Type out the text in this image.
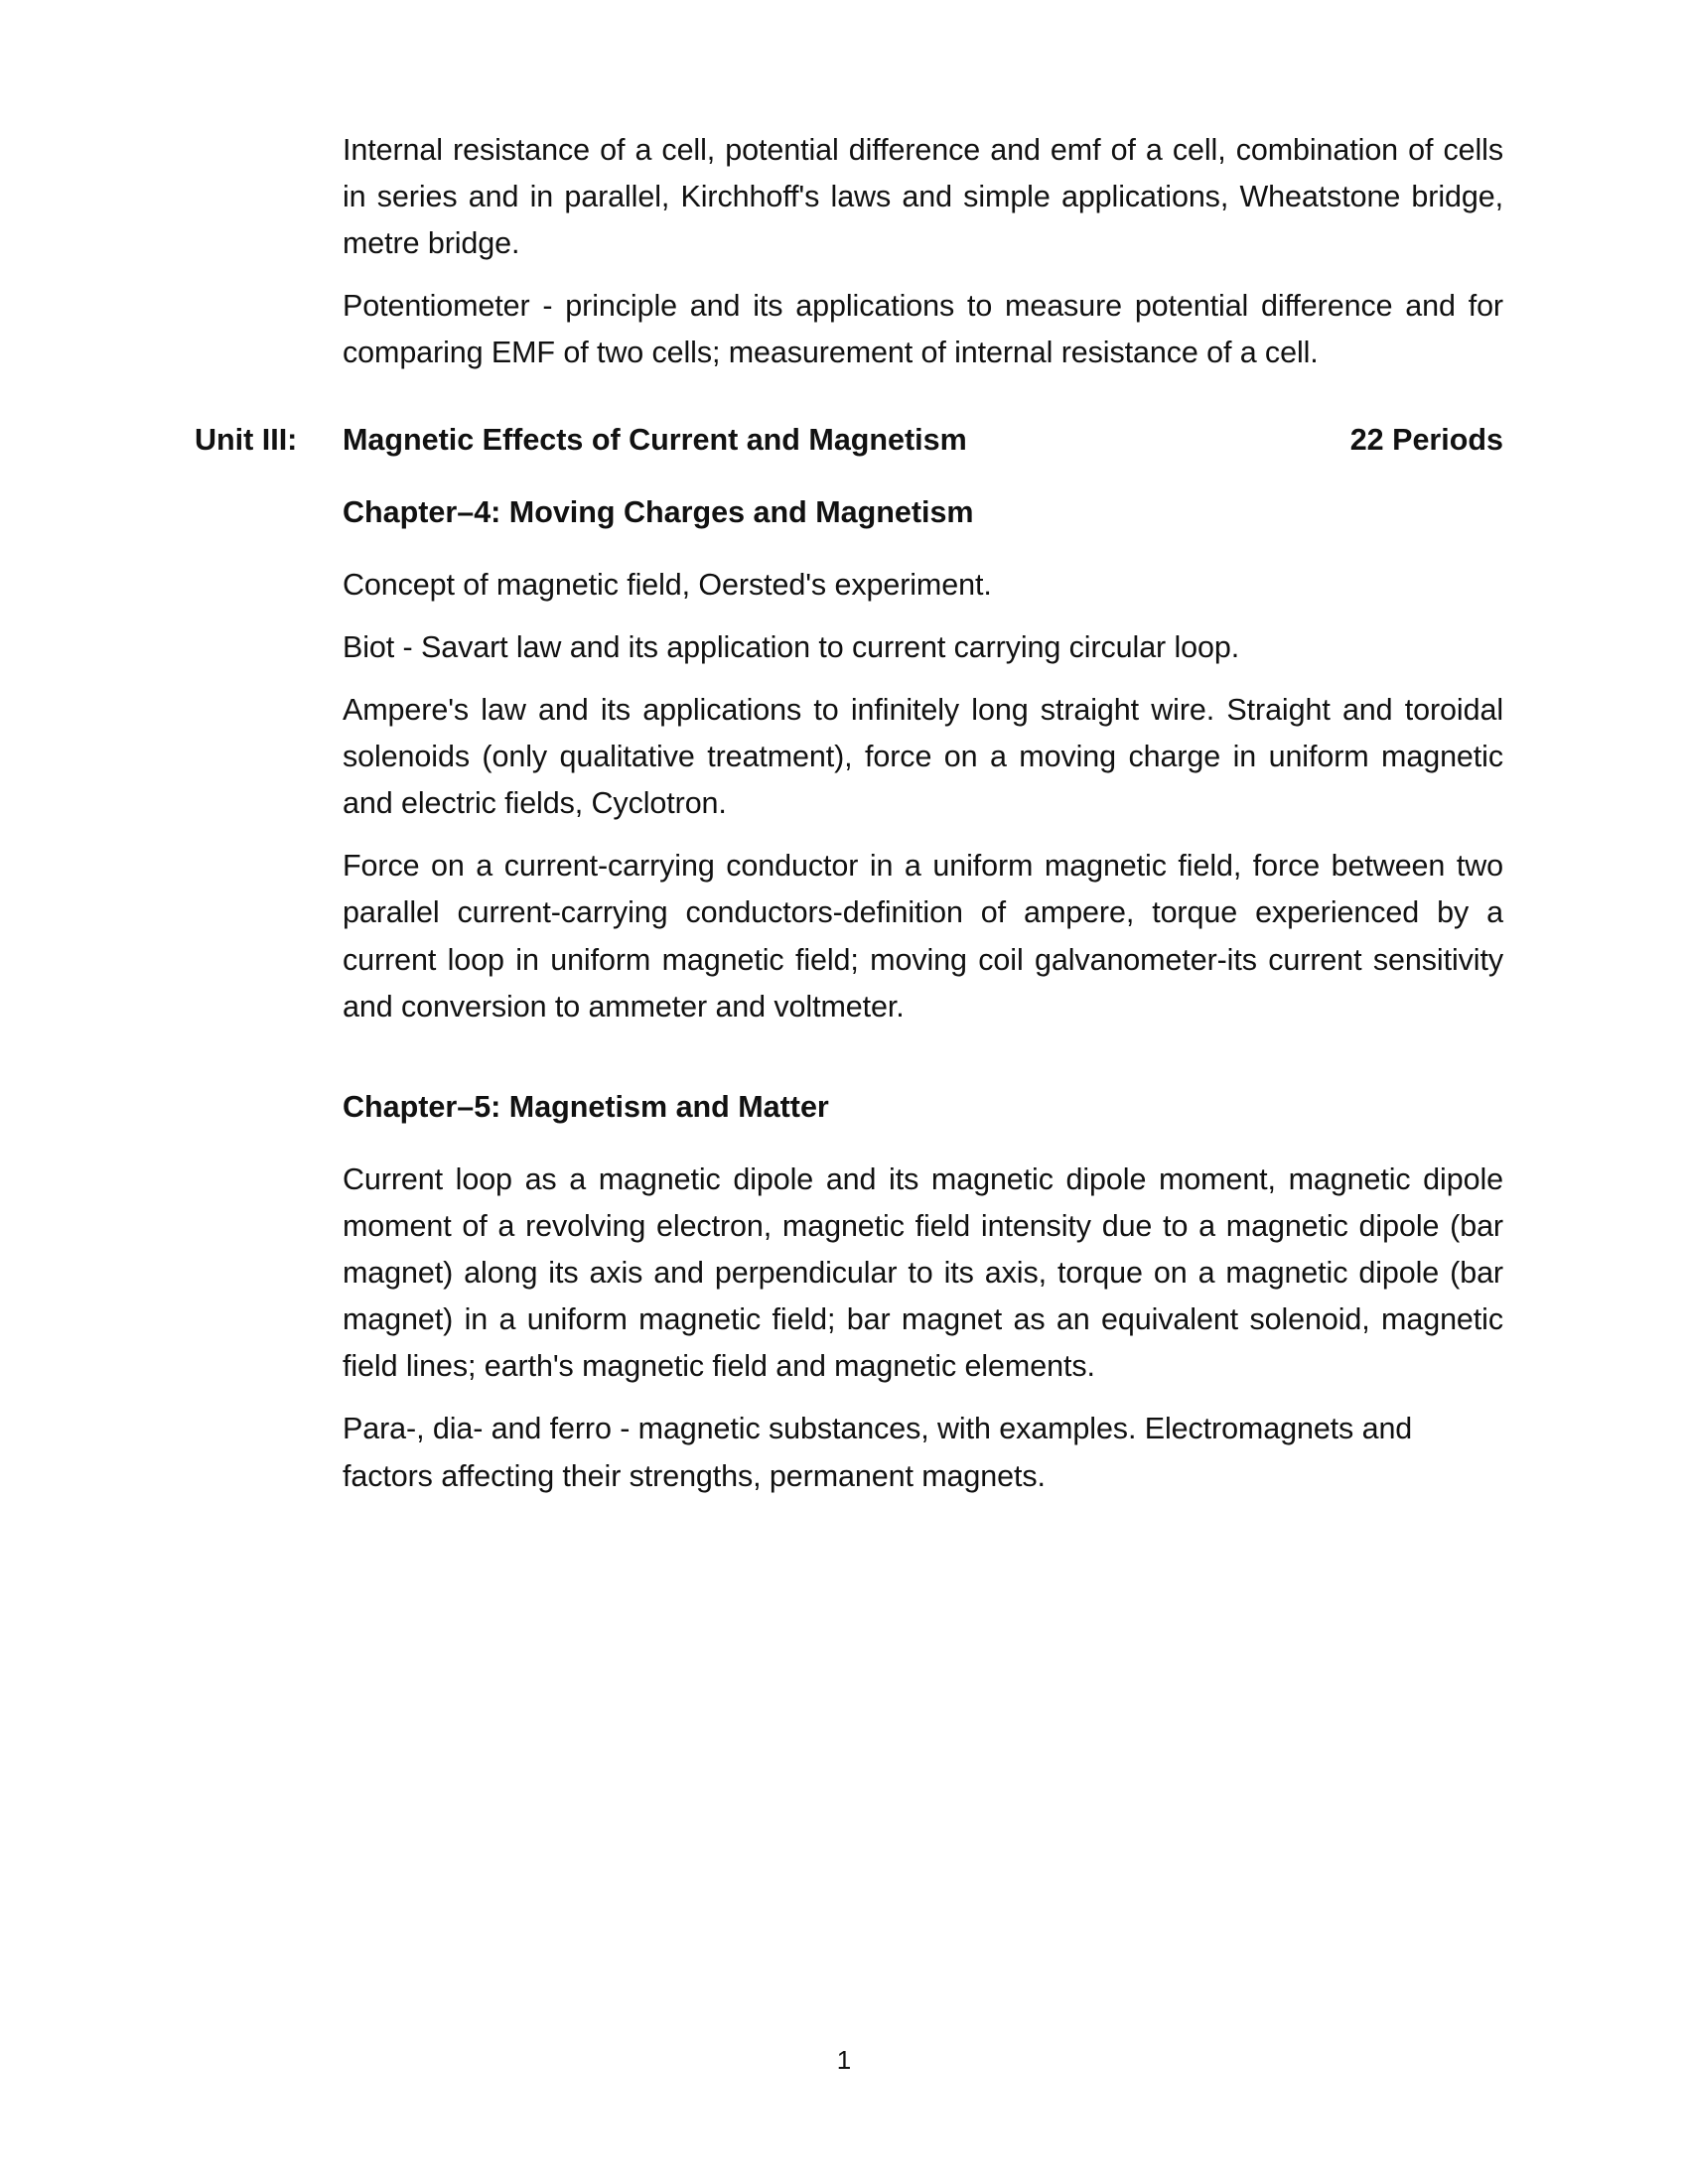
Internal resistance of a cell, potential difference and emf of a cell, combination of cells in series and in parallel, Kirchhoff's laws and simple applications, Wheatstone bridge, metre bridge.

Potentiometer - principle and its applications to measure potential difference and for comparing EMF of two cells; measurement of internal resistance of a cell.

Unit III:	Magnetic Effects of Current and Magnetism	22 Periods
Chapter–4: Moving Charges and Magnetism

Concept of magnetic field, Oersted's experiment.

Biot - Savart law and its application to current carrying circular loop.

Ampere's law and its applications to infinitely long straight wire. Straight and toroidal solenoids (only qualitative treatment), force on a moving charge in uniform magnetic and electric fields, Cyclotron.

Force on a current-carrying conductor in a uniform magnetic field, force between two parallel current-carrying conductors-definition of ampere, torque experienced by a current loop in uniform magnetic field; moving coil galvanometer-its current sensitivity and conversion to ammeter and voltmeter.

Chapter–5: Magnetism and Matter

Current loop as a magnetic dipole and its magnetic dipole moment, magnetic dipole moment of a revolving electron, magnetic field intensity due to a magnetic dipole (bar magnet) along its axis and perpendicular to its axis, torque on a magnetic dipole (bar magnet) in a uniform magnetic field; bar magnet as an equivalent solenoid, magnetic field lines; earth's magnetic field and magnetic elements.

Para-, dia- and ferro - magnetic substances, with examples. Electromagnets and factors affecting their strengths, permanent magnets.

1
